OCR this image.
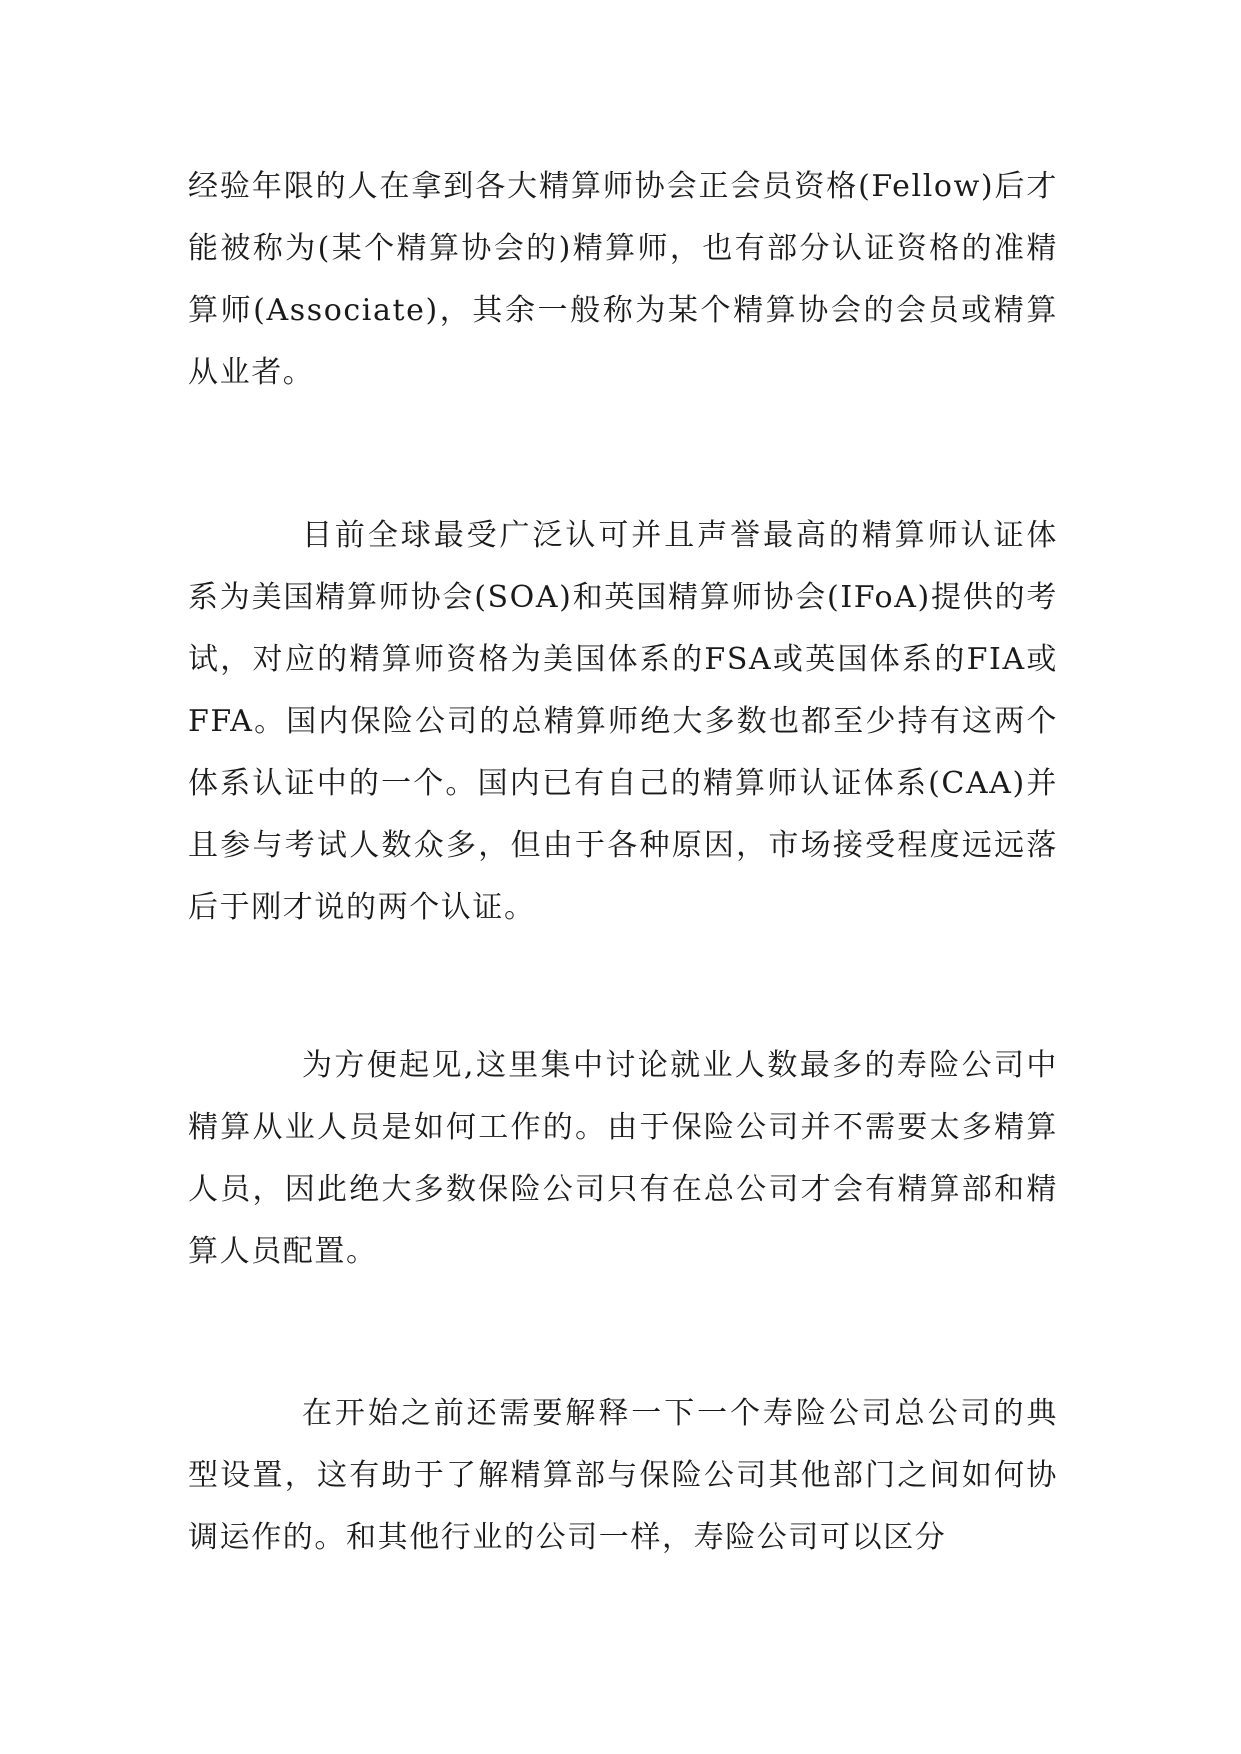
经验年限的人在拿到各大精算师协会正会员资格(Fellow)后才能被称为(某个精算协会的)精算师，也有部分认证资格的准精算师(Associate)，其余一般称为某个精算协会的会员或精算从业者。

目前全球最受广泛认可并且声誉最高的精算师认证体系为美国精算师协会(SOA)和英国精算师协会(IFoA)提供的考试，对应的精算师资格为美国体系的FSA或英国体系的FIA或FFA。国内保险公司的总精算师绝大多数也都至少持有这两个体系认证中的一个。国内已有自己的精算师认证体系(CAA)并且参与考试人数众多，但由于各种原因，市场接受程度远远落后于刚才说的两个认证。

为方便起见,这里集中讨论就业人数最多的寿险公司中精算从业人员是如何工作的。由于保险公司并不需要太多精算人员，因此绝大多数保险公司只有在总公司才会有精算部和精算人员配置。

在开始之前还需要解释一下一个寿险公司总公司的典型设置，这有助于了解精算部与保险公司其他部门之间如何协调运作的。和其他行业的公司一样，寿险公司可以区分
